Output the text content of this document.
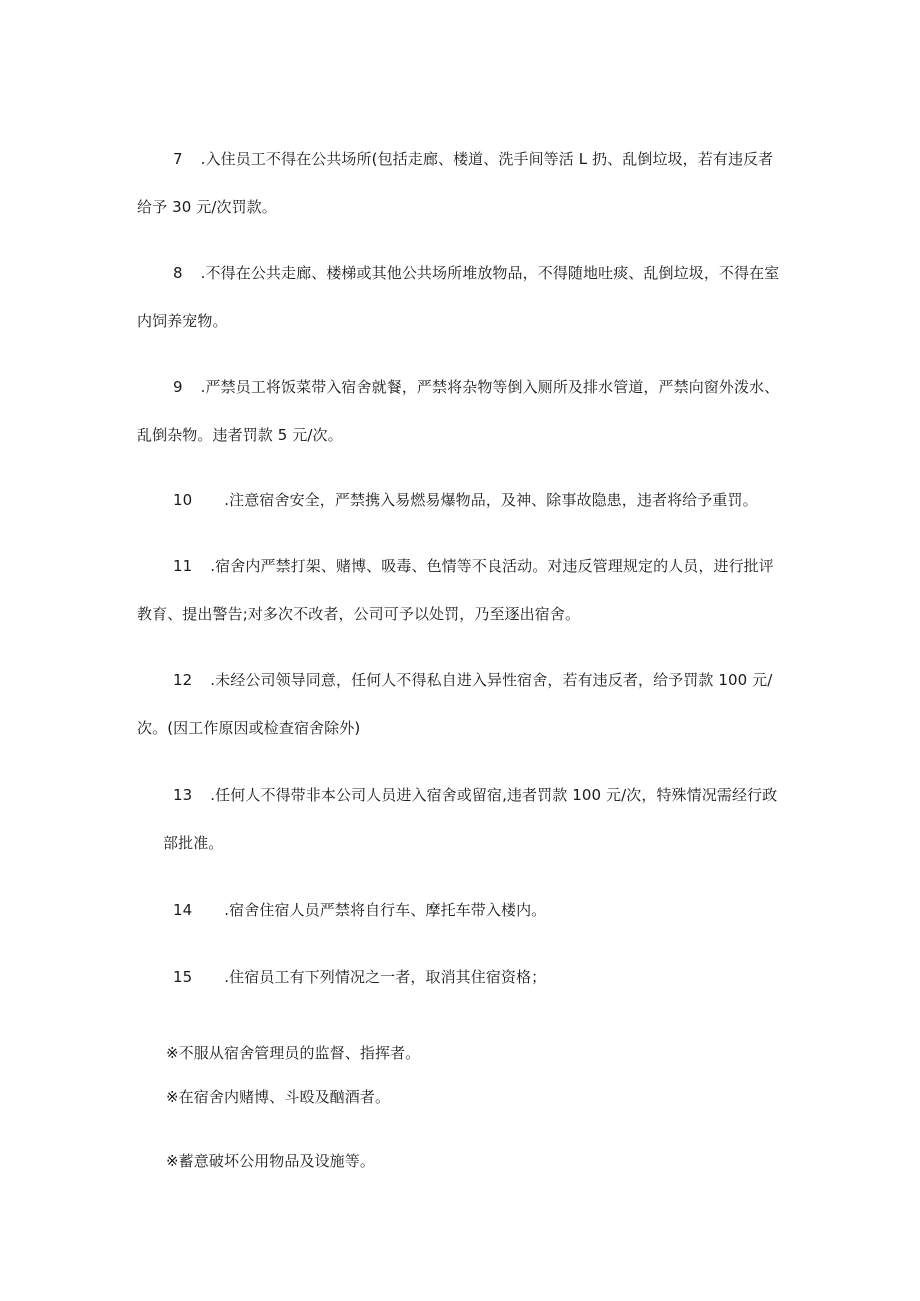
7 .入住员工不得在公共场所(包括走廊、楼道、洗手间等活 L 扔、乱倒垃圾，若有违反者
给予 30 元/次罚款。
8 .不得在公共走廊、楼梯或其他公共场所堆放物品，不得随地吐痰、乱倒垃圾，不得在室
内饲养宠物。
9 .严禁员工将饭菜带入宿舍就餐，严禁将杂物等倒入厕所及排水管道，严禁向窗外泼水、
乱倒杂物。违者罚款 5 元/次。
10 .注意宿舍安全，严禁携入易燃易爆物品，及神、除事故隐患，违者将给予重罚。
11 .宿舍内严禁打架、赌博、吸毒、色情等不良活动。对违反管理规定的人员，进行批评
教育、提出警告;对多次不改者，公司可予以处罚，乃至逐出宿舍。
12 .未经公司领导同意，任何人不得私自进入异性宿舍，若有违反者，给予罚款 100 元/
次。(因工作原因或检查宿舍除外)
13 .任何人不得带非本公司人员进入宿舍或留宿,违者罚款 100 元/次，特殊情况需经行政
部批准。
14 .宿舍住宿人员严禁将自行车、摩托车带入楼内。
15 .住宿员工有下列情况之一者，取消其住宿资格；
※不服从宿舍管理员的监督、指挥者。
※在宿舍内赌博、斗殴及酗酒者。
※蓄意破坏公用物品及设施等。
